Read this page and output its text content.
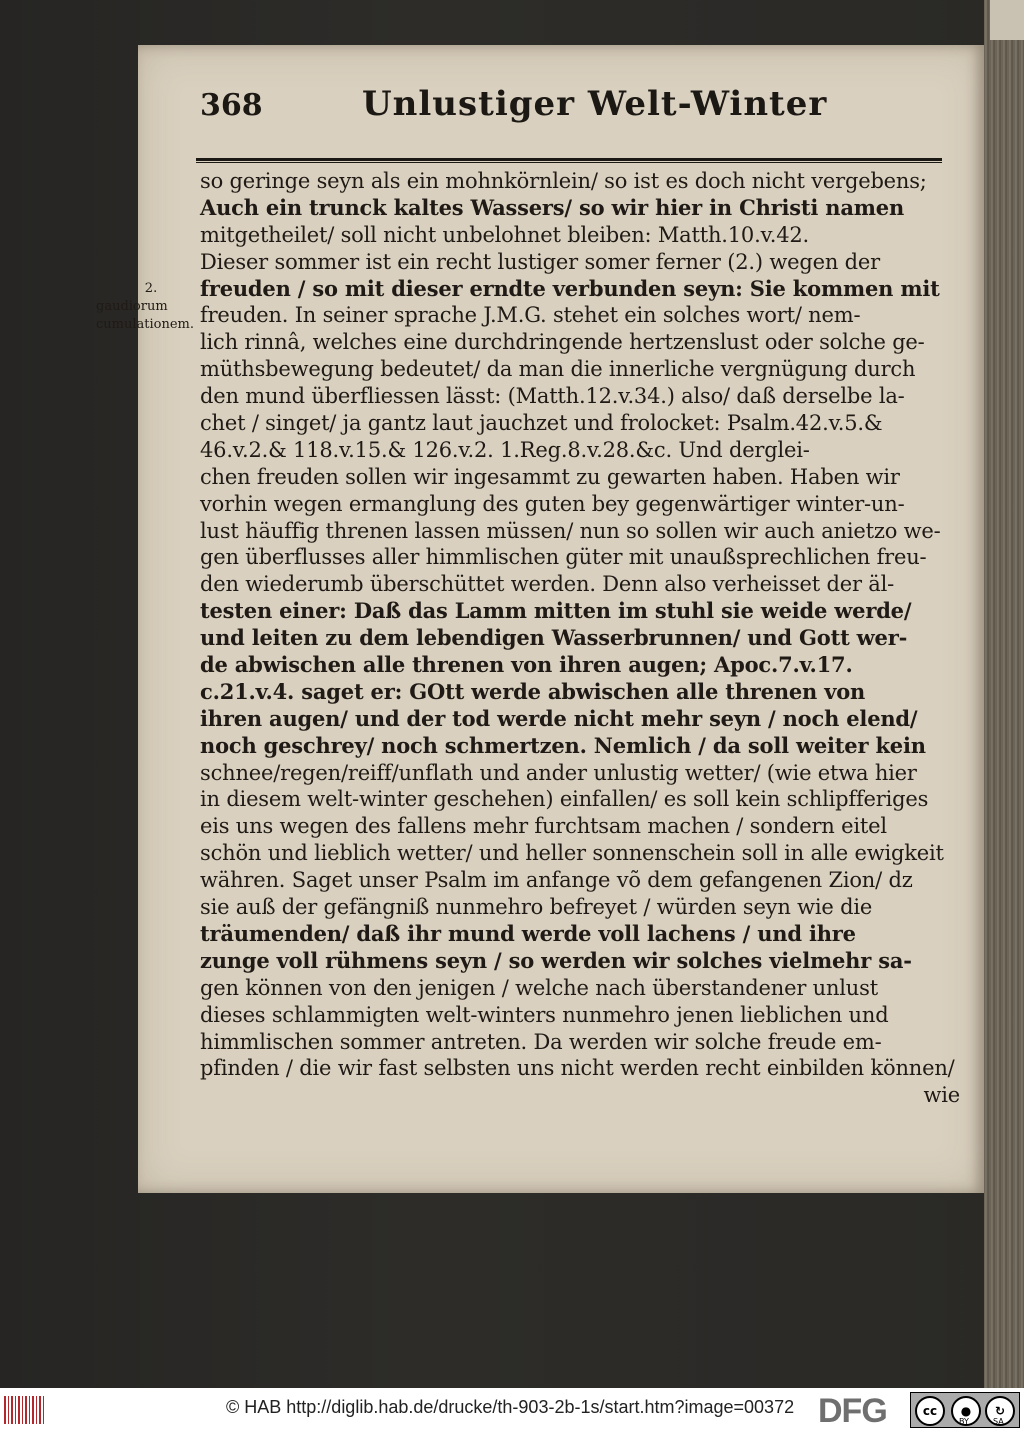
368	Unlustiger Welt-Winter
2.
gaudiorum cumulationem.
so geringe seyn als ein mohnkörnlein/ so ist es doch nicht vergebens;
Auch ein trunck kaltes Wassers/ so wir hier in Christi namen
mitgetheilet/ soll nicht unbelohnet bleiben: Matth.10.v.42.
Dieser sommer ist ein recht lustiger somer ferner (2.) wegen der
freuden / so mit dieser erndte verbunden seyn: Sie kommen mit
freuden. In seiner sprache J.M.G. stehet ein solches wort/ nem-
lich rinnâ, welches eine durchdringende hertzenslust oder solche ge-
müthsbewegung bedeutet/ da man die innerliche vergnügung durch
den mund überfliessen lässt: (Matth.12.v.34.) also/ daß derselbe la-
chet / singet/ ja gantz laut jauchzet und frolocket: Psalm.42.v.5.&
46.v.2.& 118.v.15.& 126.v.2. 1.Reg.8.v.28.&c. Und derglei-
chen freuden sollen wir ingesammt zu gewarten haben. Haben wir
vorhin wegen ermanglung des guten bey gegenwärtiger winter-un-
lust häuffig threnen lassen müssen/ nun so sollen wir auch anietzo we-
gen überflusses aller himmlischen güter mit unaußsprechlichen freu-
den wiederumb überschüttet werden. Denn also verheisset der äl-
testen einer: Daß das Lamm mitten im stuhl sie weide werde/
und leiten zu dem lebendigen Wasserbrunnen/ und Gott wer-
de abwischen alle threnen von ihren augen; Apoc.7.v.17.
c.21.v.4. saget er: GOtt werde abwischen alle threnen von
ihren augen/ und der tod werde nicht mehr seyn / noch elend/
noch geschrey/ noch schmertzen. Nemlich / da soll weiter kein
schnee/regen/reiff/unflath und ander unlustig wetter/ (wie etwa hier
in diesem welt-winter geschehen) einfallen/ es soll kein schlipfferiges
eis uns wegen des fallens mehr furchtsam machen / sondern eitel
schön und lieblich wetter/ und heller sonnenschein soll in alle ewigkeit
währen. Saget unser Psalm im anfange võ dem gefangenen Zion/ dz
sie auß der gefängniß nunmehro befreyet / würden seyn wie die
träumenden/ daß ihr mund werde voll lachens / und ihre
zunge voll rühmens seyn / so werden wir solches vielmehr sa-
gen können von den jenigen / welche nach überstandener unlust
dieses schlammigten welt-winters nunmehro jenen lieblichen und
himmlischen sommer antreten. Da werden wir solche freude em-
pfinden / die wir fast selbsten uns nicht werden recht einbilden können/
wie
© HAB http://diglib.hab.de/drucke/th-903-2b-1s/start.htm?image=00372 DFG	cc	●	↻
BY	SA
